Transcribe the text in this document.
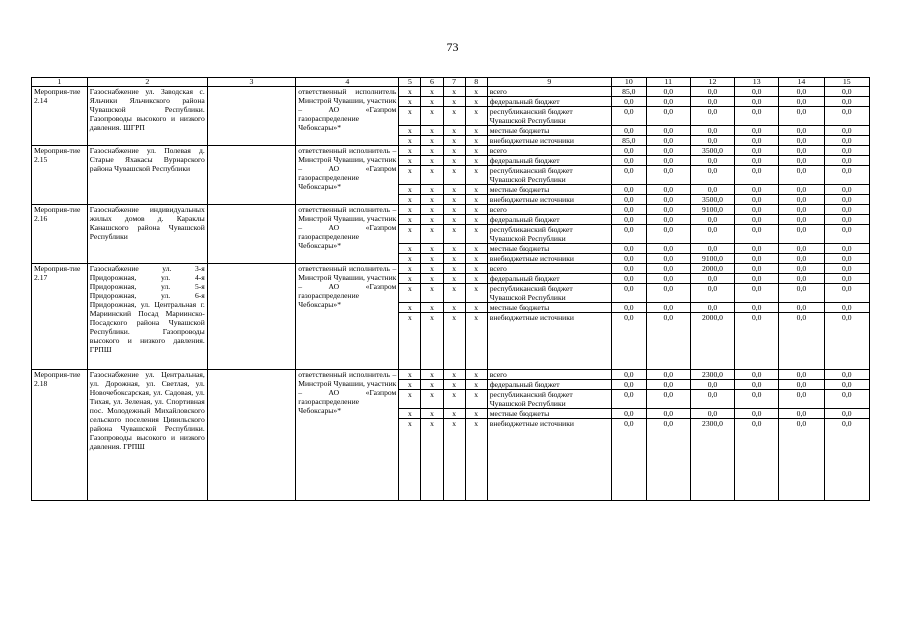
73
1	2	3	4	5	6	7	8	9	10	11	12	13	14	15
Мероприя-тие 2.14	Газоснабжение ул. Заводская с. Яльчики Яльчикского района Чувашской Республики. Газопроводы высокого и низкого давления. ШГРП		ответственный исполнитель Минстрой Чувашии, участник – АО «Газпром газораспределение Чебоксары»*	x	x	x	x	всего	85,0	0,0	0,0	0,0	0,0	0,0
				x	x	x	x	федеральный бюджет	0,0	0,0	0,0	0,0	0,0	0,0
				x	x	x	x	республиканский бюджет Чувашской Республики	0,0	0,0	0,0	0,0	0,0	0,0
				x	x	x	x	местные бюджеты	0,0	0,0	0,0	0,0	0,0	0,0
				x	x	x	x	внебюджетные источники	85,0	0,0	0,0	0,0	0,0	0,0
Мероприя-тие 2.15	Газоснабжение ул. Полевая д. Старые Яхакасы Вурнарского района Чувашской Республики		ответственный исполнитель – Минстрой Чувашии, участник – АО «Газпром газораспределение Чебоксары»*	x	x	x	x	всего	0,0	0,0	3500,0	0,0	0,0	0,0
				x	x	x	x	федеральный бюджет	0,0	0,0	0,0	0,0	0,0	0,0
				x	x	x	x	республиканский бюджет Чувашской Республики	0,0	0,0	0,0	0,0	0,0	0,0
				x	x	x	x	местные бюджеты	0,0	0,0	0,0	0,0	0,0	0,0
				x	x	x	x	внебюджетные источники	0,0	0,0	3500,0	0,0	0,0	0,0
Мероприя-тие 2.16	Газоснабжение индивидуальных жилых домов д. Караклы Канашского района Чувашской Республики		ответственный исполнитель – Минстрой Чувашии, участник – АО «Газпром газораспределение Чебоксары»*	x	x	x	x	всего	0,0	0,0	9100,0	0,0	0,0	0,0
				x	x	x	x	федеральный бюджет	0,0	0,0	0,0	0,0	0,0	0,0
				x	x	x	x	республиканский бюджет Чувашской Республики	0,0	0,0	0,0	0,0	0,0	0,0
				x	x	x	x	местные бюджеты	0,0	0,0	0,0	0,0	0,0	0,0
				x	x	x	x	внебюджетные источники	0,0	0,0	9100,0	0,0	0,0	0,0
Мероприя-тие 2.17	Газоснабжение ул. 3-я Придорожная, ул. 4-я Придорожная, ул. 5-я Придорожная, ул. 6-я Придорожная, ул. Центральная г. Мариинский Посад Мариинско-Посадского района Чувашской Республики. Газопроводы высокого и низкого давления. ГРПШ		ответственный исполнитель – Минстрой Чувашии, участник – АО «Газпром газораспределение Чебоксары»*	x	x	x	x	всего	0,0	0,0	2000,0	0,0	0,0	0,0
				x	x	x	x	федеральный бюджет	0,0	0,0	0,0	0,0	0,0	0,0
				x	x	x	x	республиканский бюджет Чувашской Республики	0,0	0,0	0,0	0,0	0,0	0,0
				x	x	x	x	местные бюджеты	0,0	0,0	0,0	0,0	0,0	0,0
				x	x	x	x	внебюджетные источники	0,0	0,0	2000,0	0,0	0,0	0,0
Мероприя-тие 2.18	Газоснабжение ул. Центральная, ул. Дорожная, ул. Светлая, ул. Новочебоксарская, ул. Садовая, ул. Тихая, ул. Зеленая, ул. Спортивная пос. Молодежный Михайловского сельского поселения Цивильского района Чувашской Республики. Газопроводы высокого и низкого давления. ГРПШ		ответственный исполнитель – Минстрой Чувашии, участник – АО «Газпром газораспределение Чебоксары»*	x	x	x	x	всего	0,0	0,0	2300,0	0,0	0,0	0,0
				x	x	x	x	федеральный бюджет	0,0	0,0	0,0	0,0	0,0	0,0
				x	x	x	x	республиканский бюджет Чувашской Республики	0,0	0,0	0,0	0,0	0,0	0,0
				x	x	x	x	местные бюджеты	0,0	0,0	0,0	0,0	0,0	0,0
				x	x	x	x	внебюджетные источники	0,0	0,0	2300,0	0,0	0,0	0,0
